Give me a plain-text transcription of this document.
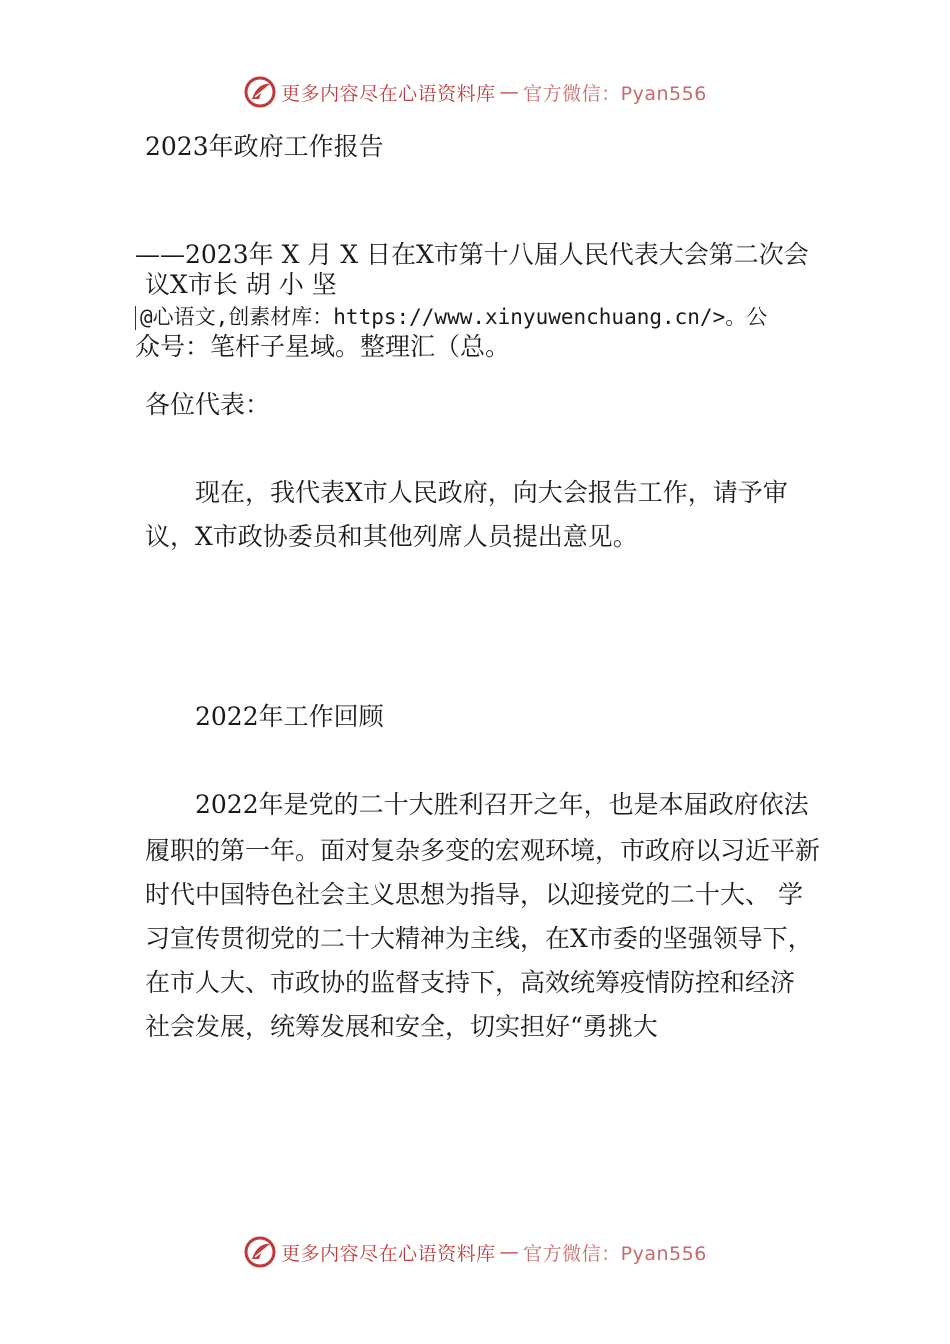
更多内容尽在心语资料库 — 官方微信：Pyan556
2023年政府工作报告
——2023年 X 月 X 日在X市第十八届人民代表大会第二次会
议X市长 胡 小 坚
@心语文,创素材库：https://www.xinyuwenchuang.cn/>。公
众号：笔杆子星域。整理汇（总。
各位代表：
现在，我代表X市人民政府，向大会报告工作，请予审
议，X市政协委员和其他列席人员提出意见。
2022年工作回顾
2022年是党的二十大胜利召开之年，也是本届政府依法
履职的第一年。面对复杂多变的宏观环境，市政府以习近平新
时代中国特色社会主义思想为指导，以迎接党的二十大、 学
习宣传贯彻党的二十大精神为主线，在X市委的坚强领导下，
在市人大、市政协的监督支持下，高效统筹疫情防控和经济
社会发展，统筹发展和安全，切实担好“勇挑大
更多内容尽在心语资料库 — 官方微信：Pyan556
